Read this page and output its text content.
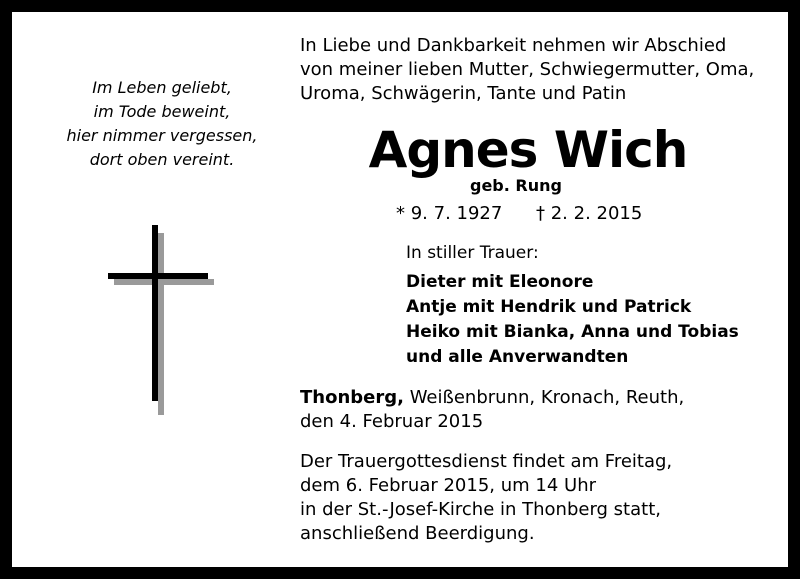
Im Leben geliebt,
im Tode beweint,
hier nimmer vergessen,
dort oben vereint.
In Liebe und Dankbarkeit nehmen wir Abschied
von meiner lieben Mutter, Schwiegermutter, Oma,
Uroma, Schwägerin, Tante und Patin
Agnes Wich
geb. Rung
* 9. 7. 1927 † 2. 2. 2015
In stiller Trauer:
Dieter mit Eleonore
Antje mit Hendrik und Patrick
Heiko mit Bianka, Anna und Tobias
und alle Anverwandten
Thonberg, Weißenbrunn, Kronach, Reuth,
den 4. Februar 2015
Der Trauergottesdienst findet am Freitag,
dem 6. Februar 2015, um 14 Uhr
in der St.-Josef-Kirche in Thonberg statt,
anschließend Beerdigung.
